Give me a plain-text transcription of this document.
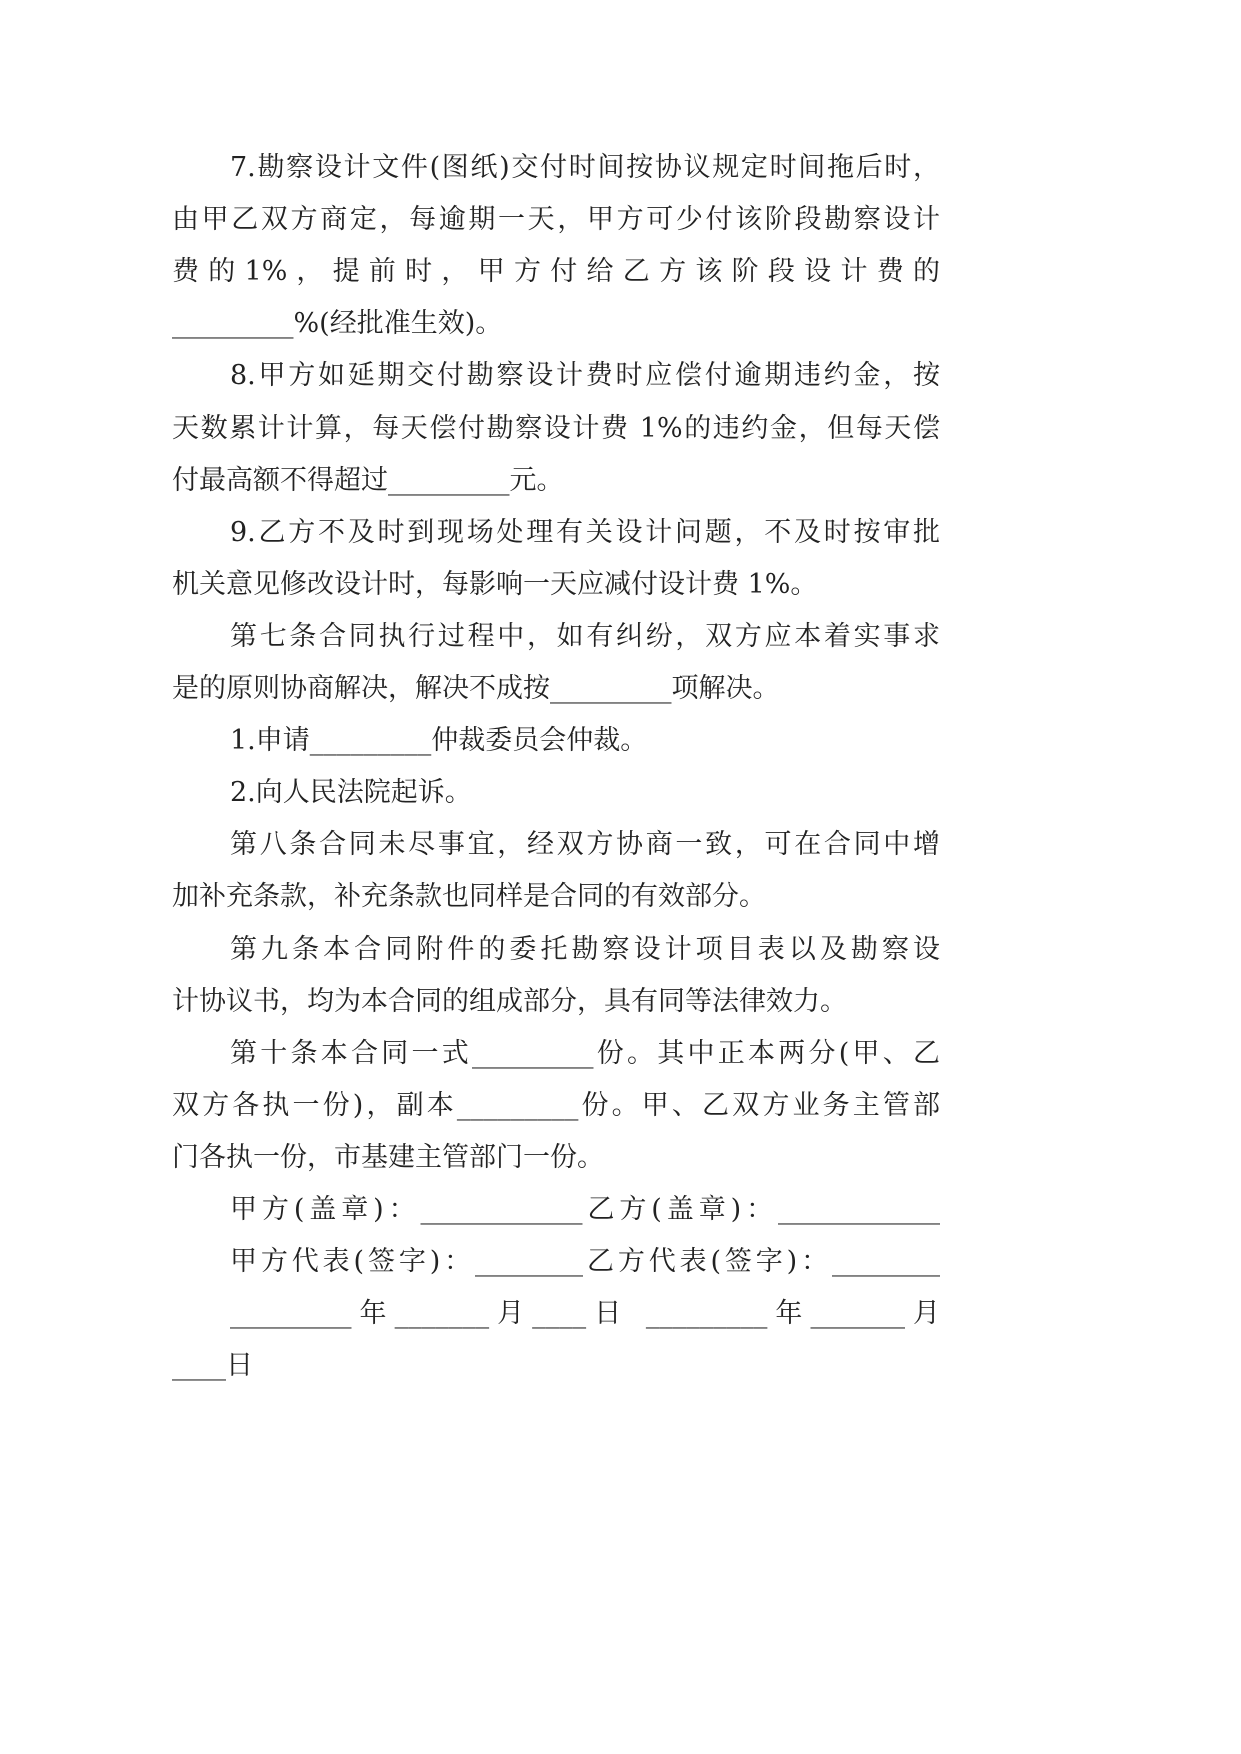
7.勘察设计文件(图纸)交付时间按协议规定时间拖后时，
由甲乙双方商定，每逾期一天，甲方可少付该阶段勘察设计
费 的 1% ， 提 前 时 ， 甲 方 付 给 乙 方 该 阶 段 设 计 费 的
_________%(经批准生效)。
8.甲方如延期交付勘察设计费时应偿付逾期违约金，按
天数累计计算，每天偿付勘察设计费 1%的违约金，但每天偿
付最高额不得超过_________元。
9.乙方不及时到现场处理有关设计问题，不及时按审批
机关意见修改设计时，每影响一天应减付设计费 1%。
第七条合同执行过程中，如有纠纷，双方应本着实事求
是的原则协商解决，解决不成按_________项解决。
1.申请_________仲裁委员会仲裁。
2.向人民法院起诉。
第八条合同未尽事宜，经双方协商一致，可在合同中增
加补充条款，补充条款也同样是合同的有效部分。
第九条本合同附件的委托勘察设计项目表以及勘察设
计协议书，均为本合同的组成部分，具有同等法律效力。
第十条本合同一式_________份。其中正本两分(甲、乙
双方各执一份)，副本_________份。甲、乙双方业务主管部
门各执一份，市基建主管部门一份。
甲方(盖章)：____________乙方(盖章)：____________
甲方代表(签字)：________乙方代表(签字)：________
_________年_______月____日 _________年_______月
____日
